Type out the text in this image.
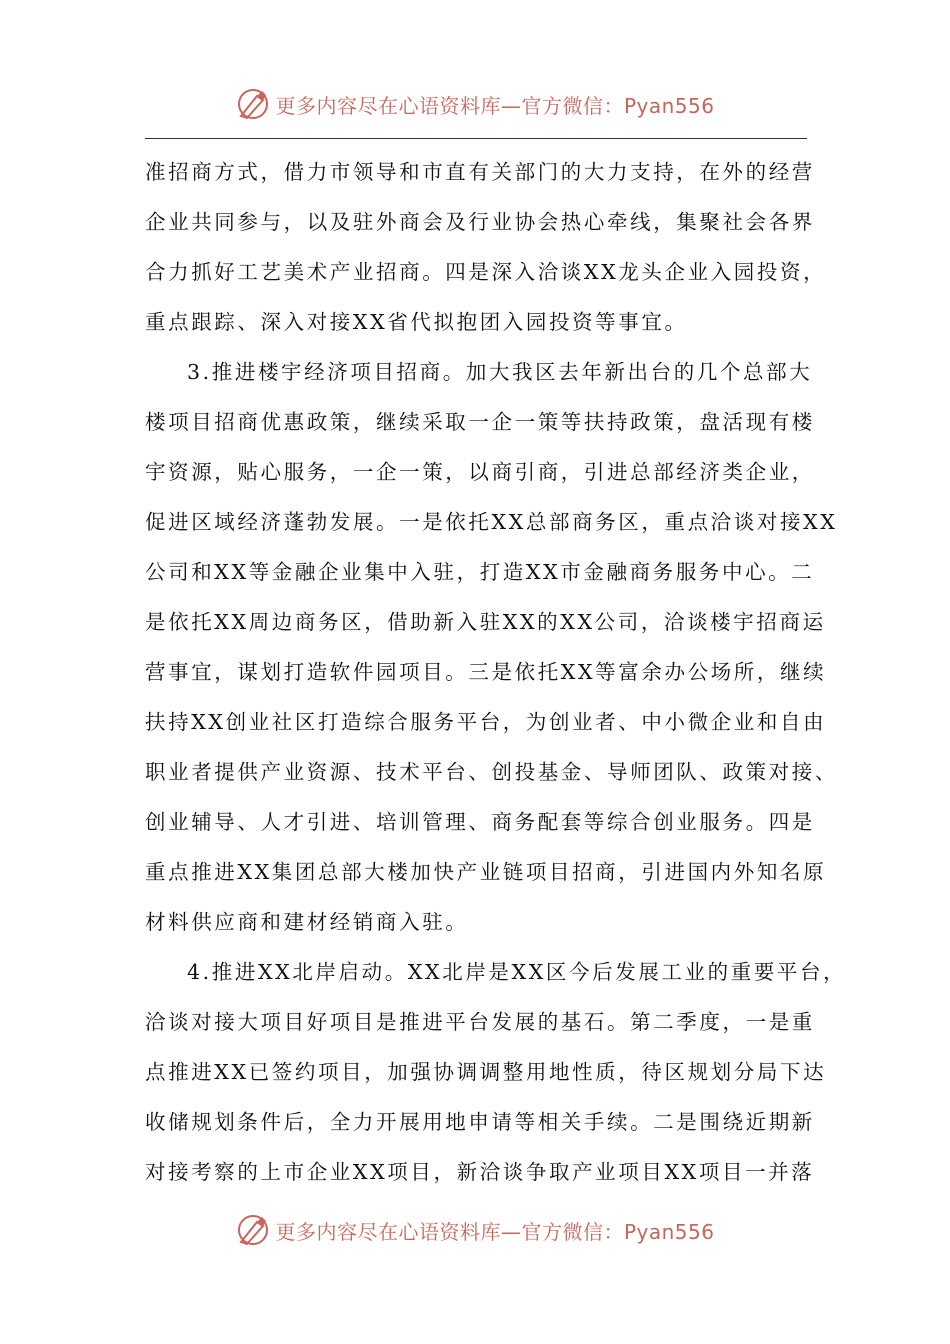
更多内容尽在心语资料库—官方微信：Pyan556
准招商方式，借力市领导和市直有关部门的大力支持，在外的经营
企业共同参与，以及驻外商会及行业协会热心牵线，集聚社会各界
合力抓好工艺美术产业招商。四是深入洽谈XX龙头企业入园投资，
重点跟踪、深入对接XX省代拟抱团入园投资等事宜。
3.推进楼宇经济项目招商。加大我区去年新出台的几个总部大
楼项目招商优惠政策，继续采取一企一策等扶持政策，盘活现有楼
宇资源，贴心服务，一企一策，以商引商，引进总部经济类企业，
促进区域经济蓬勃发展。一是依托XX总部商务区，重点洽谈对接XX
公司和XX等金融企业集中入驻，打造XX市金融商务服务中心。二
是依托XX周边商务区，借助新入驻XX的XX公司，洽谈楼宇招商运
营事宜，谋划打造软件园项目。三是依托XX等富余办公场所，继续
扶持XX创业社区打造综合服务平台，为创业者、中小微企业和自由
职业者提供产业资源、技术平台、创投基金、导师团队、政策对接、
创业辅导、人才引进、培训管理、商务配套等综合创业服务。四是
重点推进XX集团总部大楼加快产业链项目招商，引进国内外知名原
材料供应商和建材经销商入驻。
4.推进XX北岸启动。XX北岸是XX区今后发展工业的重要平台，
洽谈对接大项目好项目是推进平台发展的基石。第二季度，一是重
点推进XX已签约项目，加强协调调整用地性质，待区规划分局下达
收储规划条件后，全力开展用地申请等相关手续。二是围绕近期新
对接考察的上市企业XX项目，新洽谈争取产业项目XX项目一并落
更多内容尽在心语资料库—官方微信：Pyan556
